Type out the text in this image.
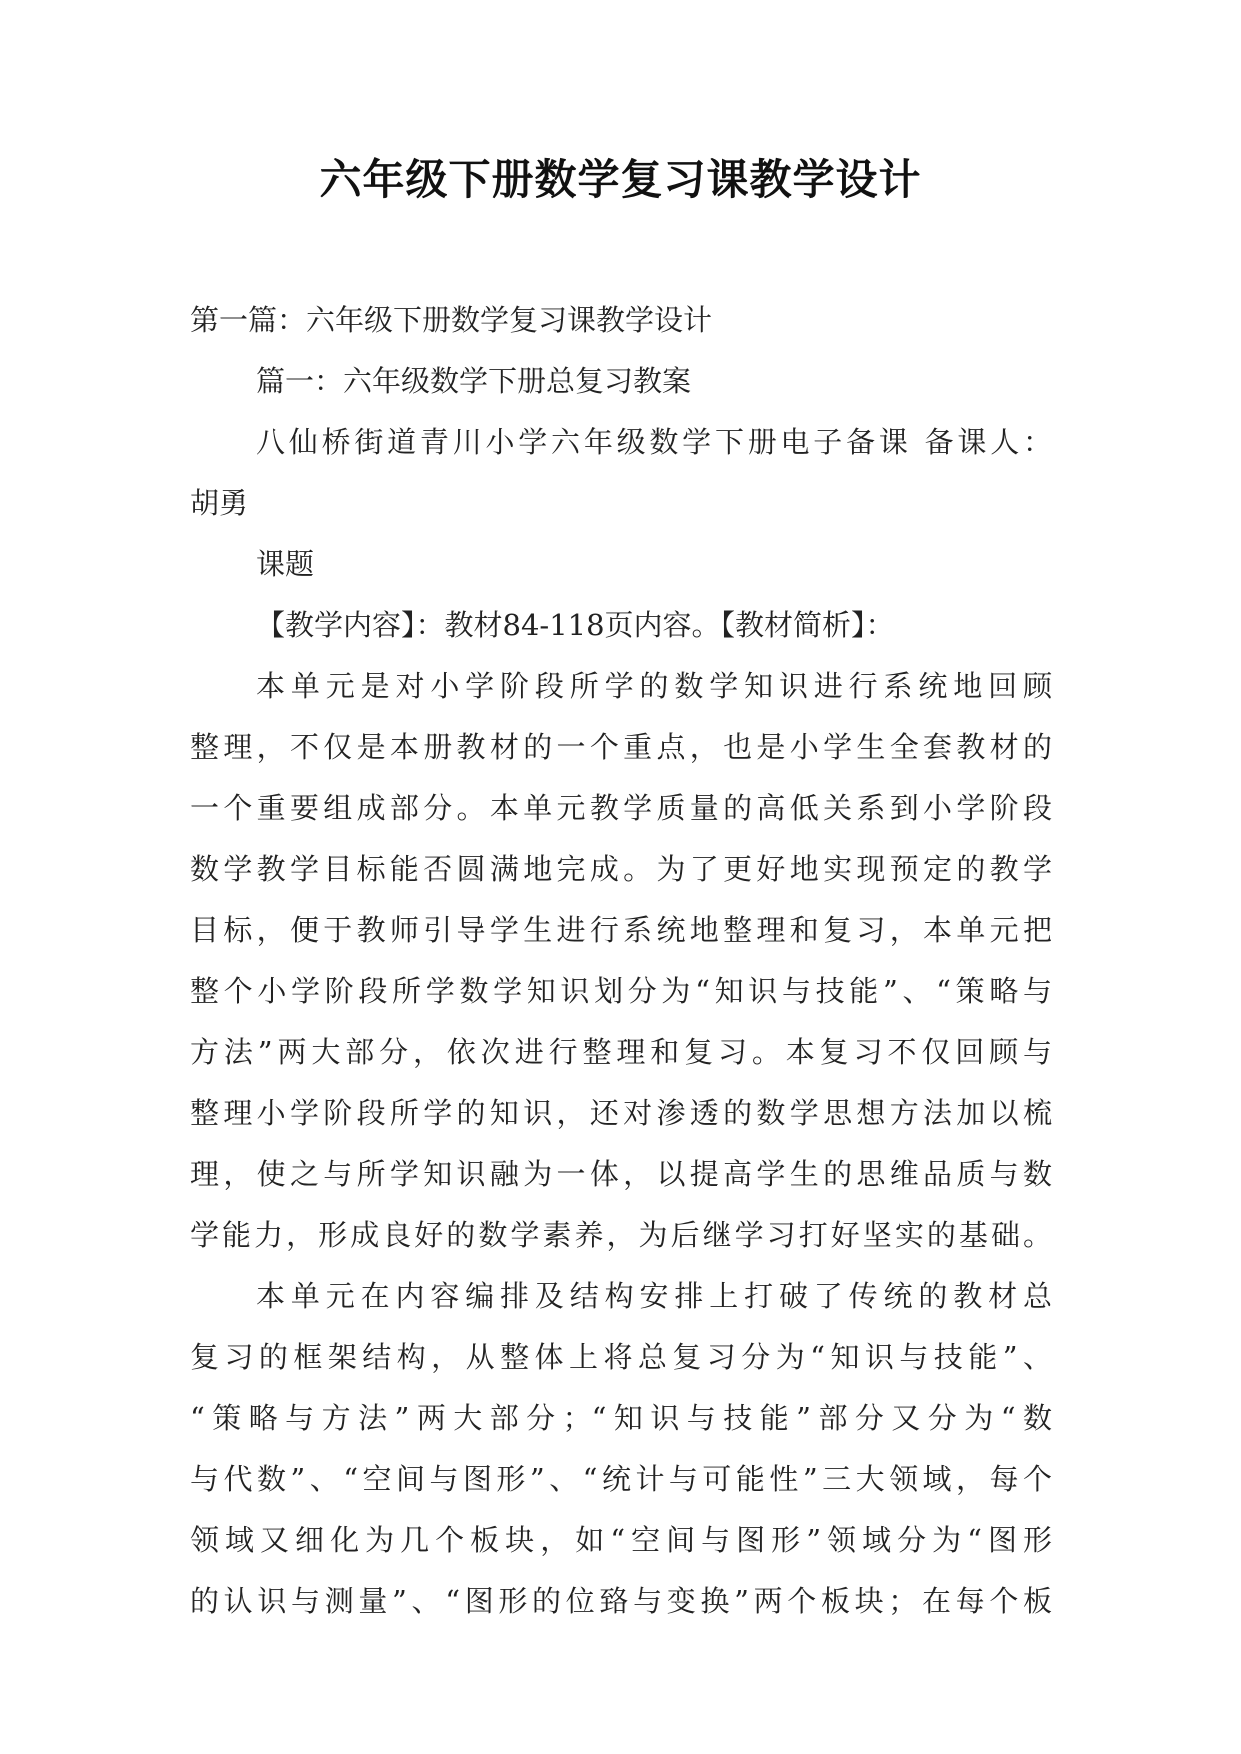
六年级下册数学复习课教学设计
第一篇：六年级下册数学复习课教学设计
篇一：六年级数学下册总复习教案
八仙桥街道青川小学六年级数学下册电子备课 备课人：
胡勇
课题
【教学内容】：教材84-118页内容。【教材简析】：
本单元是对小学阶段所学的数学知识进行系统地回顾
整理，不仅是本册教材的一个重点，也是小学生全套教材的
一个重要组成部分。本单元教学质量的高低关系到小学阶段
数学教学目标能否圆满地完成。为了更好地实现预定的教学
目标，便于教师引导学生进行系统地整理和复习，本单元把
整个小学阶段所学数学知识划分为“知识与技能”、“策略与
方法”两大部分，依次进行整理和复习。本复习不仅回顾与
整理小学阶段所学的知识，还对渗透的数学思想方法加以梳
理，使之与所学知识融为一体，以提高学生的思维品质与数
学能力，形成良好的数学素养，为后继学习打好坚实的基础。
本单元在内容编排及结构安排上打破了传统的教材总
复习的框架结构，从整体上将总复习分为“知识与技能”、
“策略与方法”两大部分；“知识与技能”部分又分为“数
与代数”、“空间与图形”、“统计与可能性”三大领域，每个
领域又细化为几个板块，如“空间与图形”领域分为“图形
的认识与测量”、“图形的位臵与变换”两个板块；在每个板
